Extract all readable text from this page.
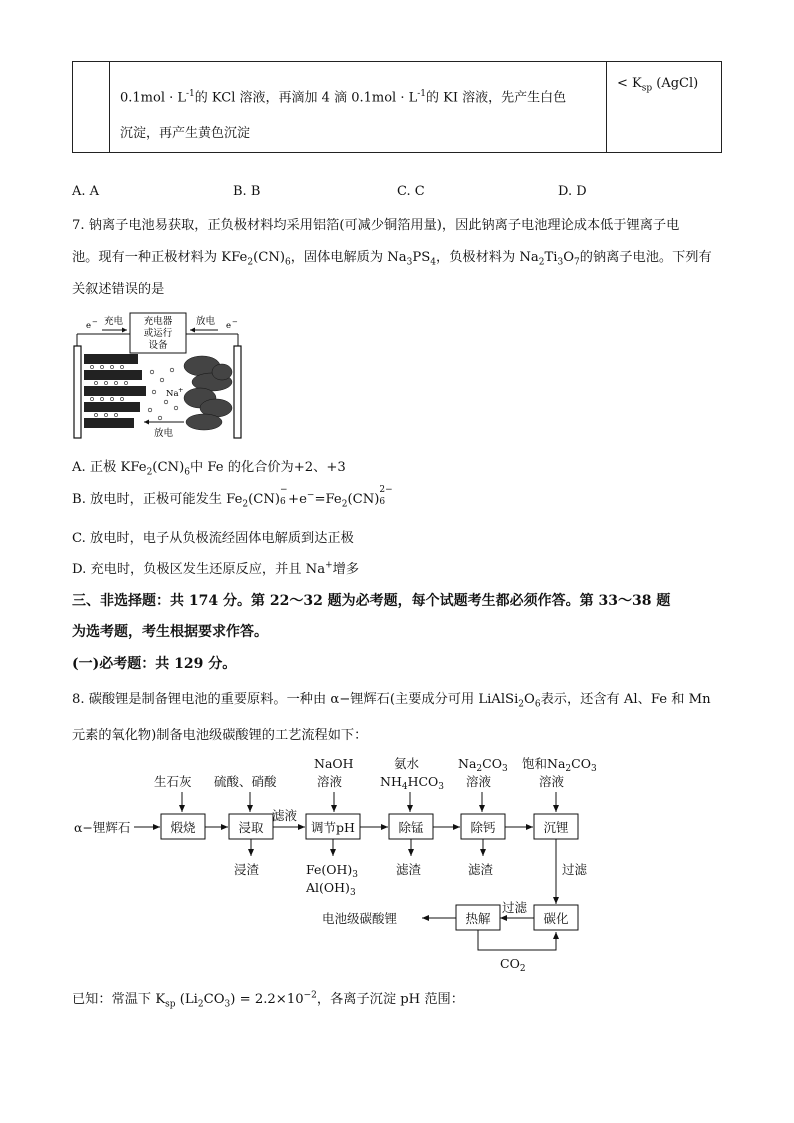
	$0.1mol \cdot L^{-1}$的 KCl 溶液，再滴加 4 滴 $0.1mol \cdot L^{-1}$的 KI 溶液，先产生白色
沉淀，再产生黄色沉淀	< $K_{sp}$ (AgCl)
A. A	B. B	C. C	D. D
7. 钠离子电池易获取，正负极材料均采用铝箔(可减少铜箔用量)，因此钠离子电池理论成本低于锂离子电
池。现有一种正极材料为 $KFe_2(CN)_6$，固体电解质为 $Na_3PS_4$，负极材料为 $Na_2Ti_3O_7$的钠离子电池。下列有
关叙述错误的是
充电器
或运行
设备
e − 充电	放电 e −
Na +
放电
A. 正极 $KFe_2(CN)_6$中 Fe 的化合价为+2、+3
B. 放电时，正极可能发生 $Fe_2(CN)$
−
$6 +e^-=Fe_2(CN)$
2−
6
C. 放电时，电子从负极流经固体电解质到达正极
D. 充电时，负极区发生还原反应，并且 Na+增多
三、非选择题：共 174 分。第 22～32 题为必考题，每个试题考生都必须作答。第 33～38 题
为选考题，考生根据要求作答。
(一)必考题：共 129 分。
8. 碳酸锂是制备锂电池的重要原料。一种由 α−锂辉石(主要成分可用 $LiAlSi_2O_6$表示，还含有 Al、Fe 和 Mn
元素的氧化物)制备电池级碳酸锂的工艺流程如下：
生石灰 硫酸、硝酸
NaOH
溶液
氨水
$NH_4HCO_3$
$Na_2CO_3$
溶液
饱和$Na_2CO_3$
溶液
α−锂辉石	煅烧	浸取
滤液
调节pH	除锰	除钙	沉锂
浸渣	$Fe(OH)_3$
$Al(OH)_3$
滤渣	滤渣	过滤
碳化
过滤
热解
电池级碳酸锂
$CO_2$
已知：常温下 $K_{sp}$ $(Li_2CO_3) = 2.2\times 10^{-2}$，各离子沉淀 pH 范围：
